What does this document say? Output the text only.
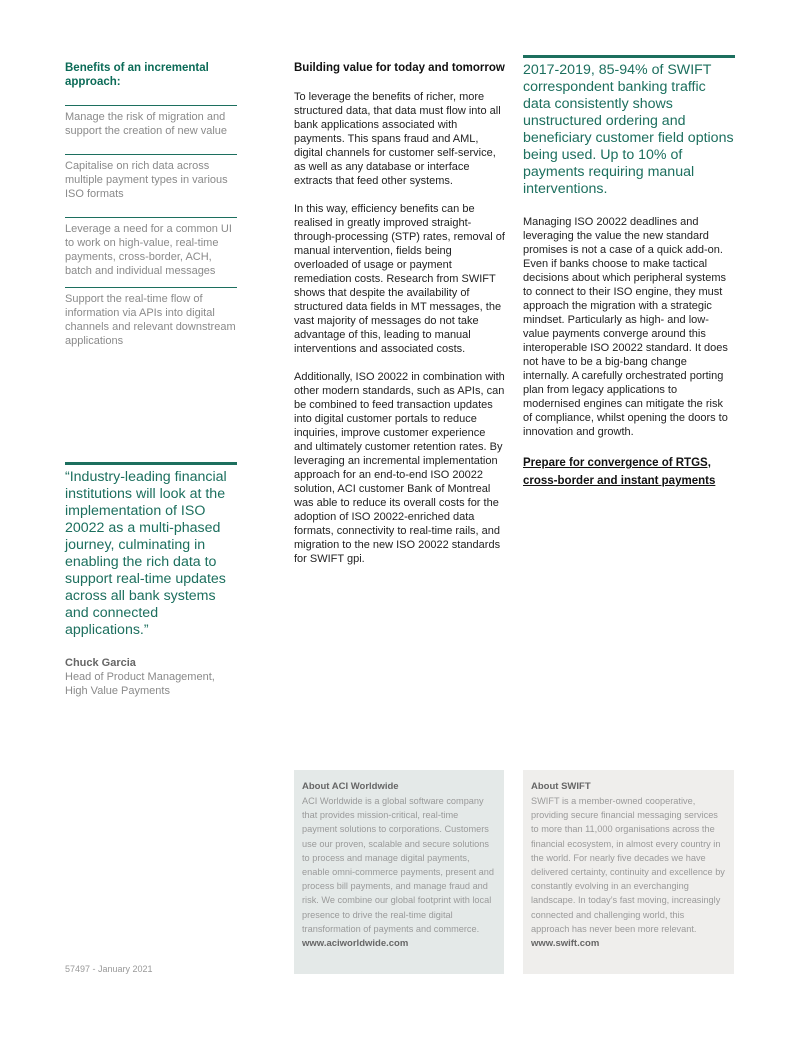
Benefits of an incremental approach:
Manage the risk of migration and support the creation of new value
Capitalise on rich data across multiple payment types in various ISO formats
Leverage a need for a common UI to work on high-value, real-time payments, cross-border, ACH, batch and individual messages
Support the real-time flow of information via APIs into digital channels and relevant downstream applications

“Industry-leading financial institutions will look at the implementation of ISO 20022 as a multi-phased journey, culminating in enabling the rich data to support real-time updates across all bank systems and connected applications.”

Chuck Garcia
Head of Product Management, High Value Payments
Building value for today and tomorrow

To leverage the benefits of richer, more structured data, that data must flow into all bank applications associated with payments. This spans fraud and AML, digital channels for customer self-service, as well as any database or interface extracts that feed other systems.

In this way, efficiency benefits can be realised in greatly improved straight-through-processing (STP) rates, removal of manual intervention, fields being overloaded of usage or payment remediation costs. Research from SWIFT shows that despite the availability of structured data fields in MT messages, the vast majority of messages do not take advantage of this, leading to manual interventions and associated costs.

Additionally, ISO 20022 in combination with other modern standards, such as APIs, can be combined to feed transaction updates into digital customer portals to reduce inquiries, improve customer experience and ultimately customer retention rates. By leveraging an incremental implementation approach for an end-to-end ISO 20022 solution, ACI customer Bank of Montreal was able to reduce its overall costs for the adoption of ISO 20022-enriched data formats, connectivity to real-time rails, and migration to the new ISO 20022 standards for SWIFT gpi.

2017-2019, 85-94% of SWIFT correspondent banking traffic data consistently shows unstructured ordering and beneficiary customer field options being used. Up to 10% of payments requiring manual interventions.

Managing ISO 20022 deadlines and leveraging the value the new standard promises is not a case of a quick add-on. Even if banks choose to make tactical decisions about which peripheral systems to connect to their ISO engine, they must approach the migration with a strategic mindset. Particularly as high- and low-value payments converge around this interoperable ISO 20022 standard. It does not have to be a big-bang change internally. A carefully orchestrated porting plan from legacy applications to modernised engines can mitigate the risk of compliance, whilst opening the doors to innovation and growth.

Prepare for convergence of RTGS, cross-border and instant payments
About ACI Worldwide
ACI Worldwide is a global software company that provides mission-critical, real-time payment solutions to corporations. Customers use our proven, scalable and secure solutions to process and manage digital payments, enable omni-commerce payments, present and process bill payments, and manage fraud and risk. We combine our global footprint with local presence to drive the real-time digital transformation of payments and commerce.
www.aciworldwide.com
About SWIFT
SWIFT is a member-owned cooperative, providing secure financial messaging services to more than 11,000 organisations across the financial ecosystem, in almost every country in the world. For nearly five decades we have delivered certainty, continuity and excellence by constantly evolving in an everchanging landscape. In today’s fast moving, increasingly connected and challenging world, this approach has never been more relevant.
www.swift.com
57497 - January 2021
